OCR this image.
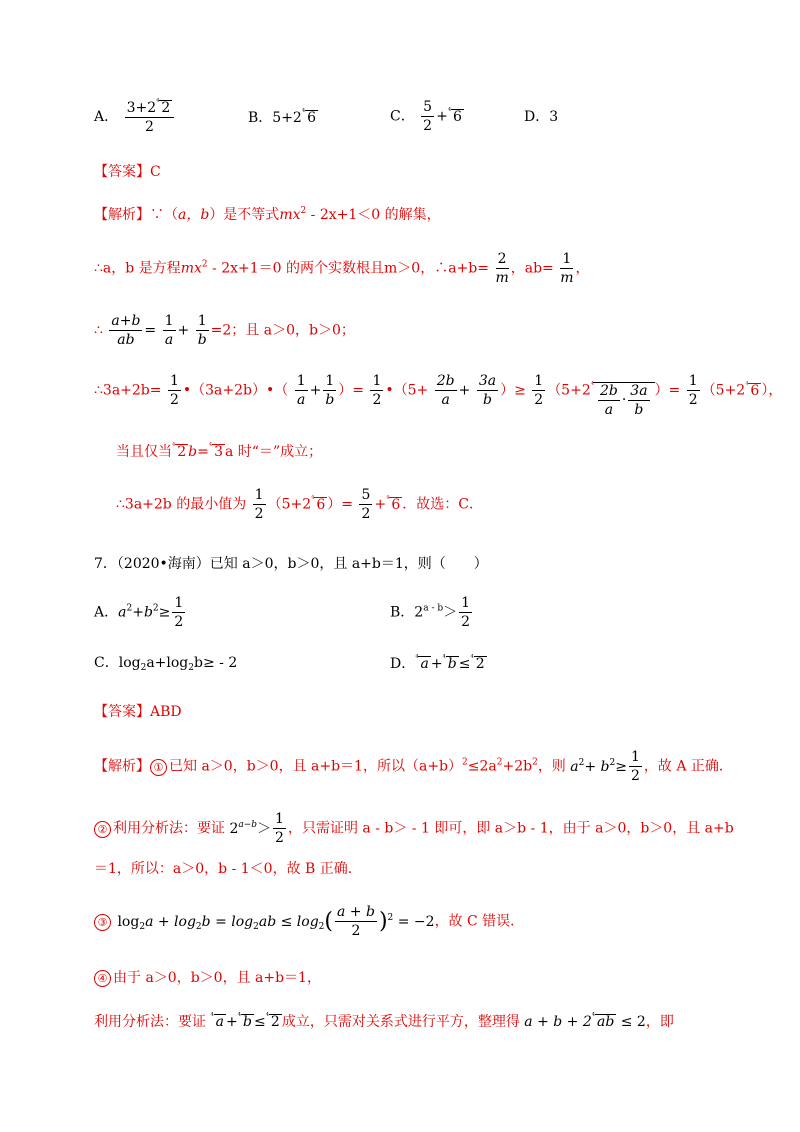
A． $\frac{3+2^{^4} 2}{2}$	B．$5+2^{^4}$ 6	C． $\frac{5}{2} +^{^4}$ 6	D．3
【答案】C
【解析】∵（a，b）是不等式$mx^2 - 2x+1<0$ 的解集，
∴a，b 是方程$mx^2 - 2x+1=0$ 的两个实数根且m＞0，∴a+b= $\frac{2}{m}$ ，$ab= \frac{1}{m}$ ，
∴ $\frac{a+b}{ab} = \frac{1}{a} + \frac{1}{b} =2$；且 a＞0，b＞0；
∴3a+2b= $\frac{1}{2}$ •（3a+2b）•（ $\frac{1}{a} + \frac{1}{b}$ ）= $\frac{1}{2}$ •（5+ $\frac{2b}{a} + \frac{3a}{b}$ ）≥ $\frac{1}{2} (5+2^{^4} \frac{2b}{a} \cdot \frac{3a}{b}$ ）= $\frac{1}{2} (5+2^{^4}$ 6 ），
当且仅当$^{^4}$ 2 b=$^{^4}$ 3 a 时“＝”成立；
∴3a+2b 的最小值为 $\frac{1}{2} (5+2^{^4}$ 6 ）= $\frac{5}{2} +^{^4}$ 6 ．故选：C．
7．（2020•海南）已知 a＞0，b＞0，且 a+b＝1，则（　　）
A．$a^2+b^2\ge \frac{1}{2}$	B．$2^{a - b}> \frac{1}{2}$
C．$\log_2a+\log_2b\ge - 2$	D．$^{^4}$ a +$^{^4}$ b ≤$^{^4}$ 2
【答案】ABD
【解析】 ① 已知 a＞0，b＞0，且 a+b＝1，所以$(a+b)^2\le 2a^2+2b^2$，则 $a^2+ b^2\ge \frac{1}{2}$ ，故 A 正确．
② 利用分析法：要证 $2^{a-b}> \frac{1}{2}$ ，只需证明 a - b＞ - 1 即可，即 a＞b - 1，由于 a＞0，b＞0，且 a+b
＝1，所以：a＞0，b - 1＜0，故 B 正确．
③ $\log_2a + \log_2b = \log_2ab \le \log_2( \frac{a + b}{2} )^2 = -2$，故 C 错误．
④ 由于 a＞0，b＞0，且 a+b＝1，
利用分析法：要证 $^{^4}$ a +$^{^4}$ b ≤$^{^4}$ 2 成立，只需对关系式进行平方，整理得 $a + b + 2^{^4}$ ab ≤ 2，即
